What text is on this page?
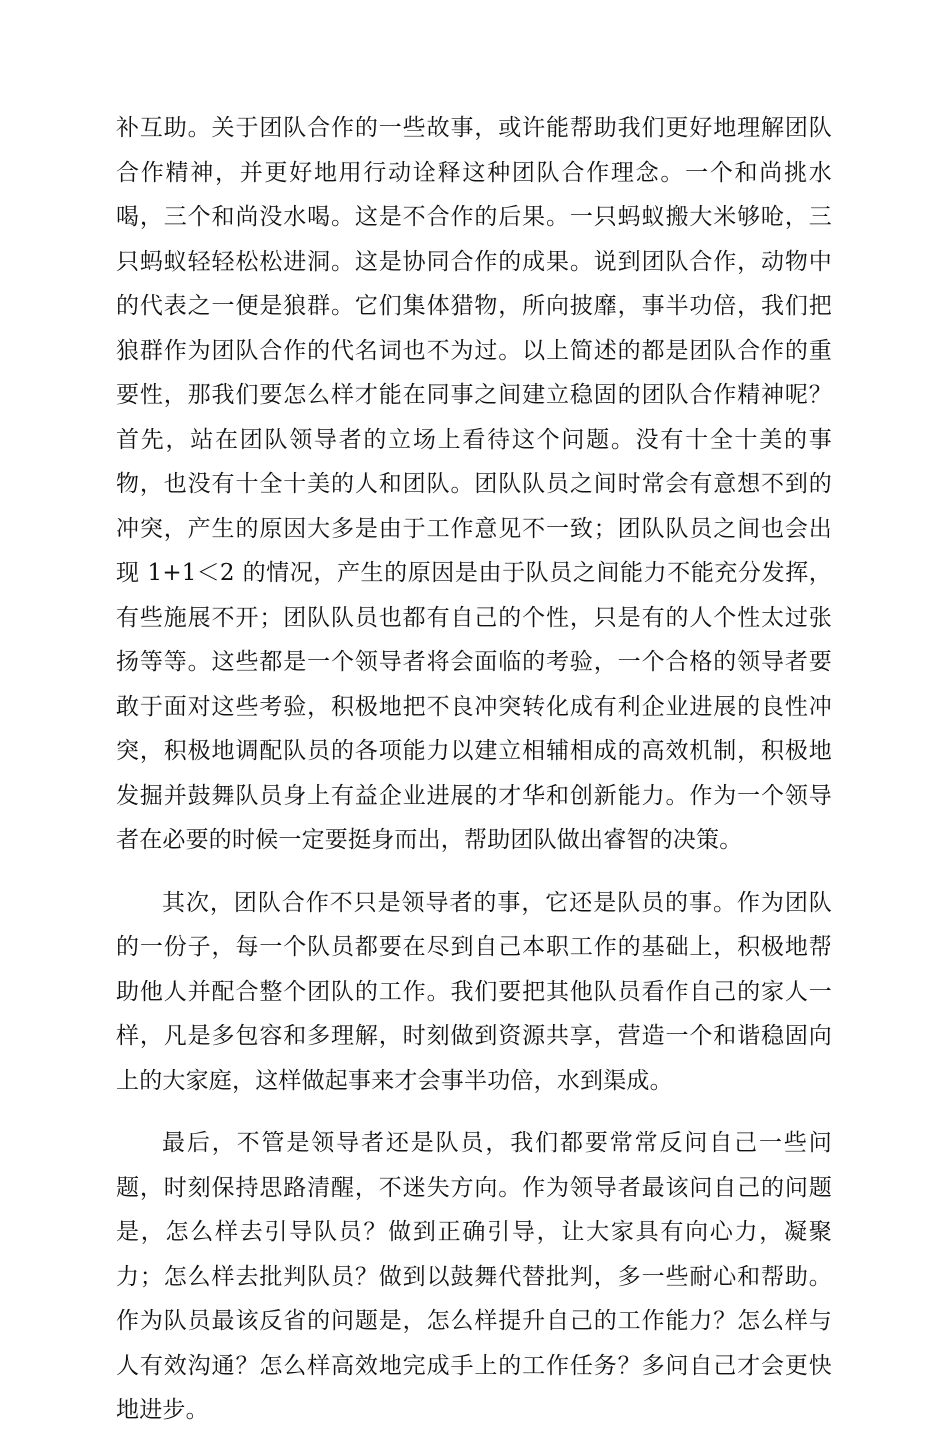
补互助。关于团队合作的一些故事，或许能帮助我们更好地理解团队合作精神，并更好地用行动诠释这种团队合作理念。一个和尚挑水喝，三个和尚没水喝。这是不合作的后果。一只蚂蚁搬大米够呛，三只蚂蚁轻轻松松进洞。这是协同合作的成果。说到团队合作，动物中的代表之一便是狼群。它们集体猎物，所向披靡，事半功倍，我们把狼群作为团队合作的代名词也不为过。以上简述的都是团队合作的重要性，那我们要怎么样才能在同事之间建立稳固的团队合作精神呢？首先，站在团队领导者的立场上看待这个问题。没有十全十美的事物，也没有十全十美的人和团队。团队队员之间时常会有意想不到的冲突，产生的原因大多是由于工作意见不一致；团队队员之间也会出现 1+1＜2 的情况，产生的原因是由于队员之间能力不能充分发挥，有些施展不开；团队队员也都有自己的个性，只是有的人个性太过张扬等等。这些都是一个领导者将会面临的考验，一个合格的领导者要敢于面对这些考验，积极地把不良冲突转化成有利企业进展的良性冲突，积极地调配队员的各项能力以建立相辅相成的高效机制，积极地发掘并鼓舞队员身上有益企业进展的才华和创新能力。作为一个领导者在必要的时候一定要挺身而出，帮助团队做出睿智的决策。

其次，团队合作不只是领导者的事，它还是队员的事。作为团队的一份子，每一个队员都要在尽到自己本职工作的基础上，积极地帮助他人并配合整个团队的工作。我们要把其他队员看作自己的家人一样，凡是多包容和多理解，时刻做到资源共享，营造一个和谐稳固向上的大家庭，这样做起事来才会事半功倍，水到渠成。

最后，不管是领导者还是队员，我们都要常常反问自己一些问题，时刻保持思路清醒，不迷失方向。作为领导者最该问自己的问题是，怎么样去引导队员？做到正确引导，让大家具有向心力，凝聚力；怎么样去批判队员？做到以鼓舞代替批判，多一些耐心和帮助。作为队员最该反省的问题是，怎么样提升自己的工作能力？怎么样与人有效沟通？怎么样高效地完成手上的工作任务？多问自己才会更快地进步。
